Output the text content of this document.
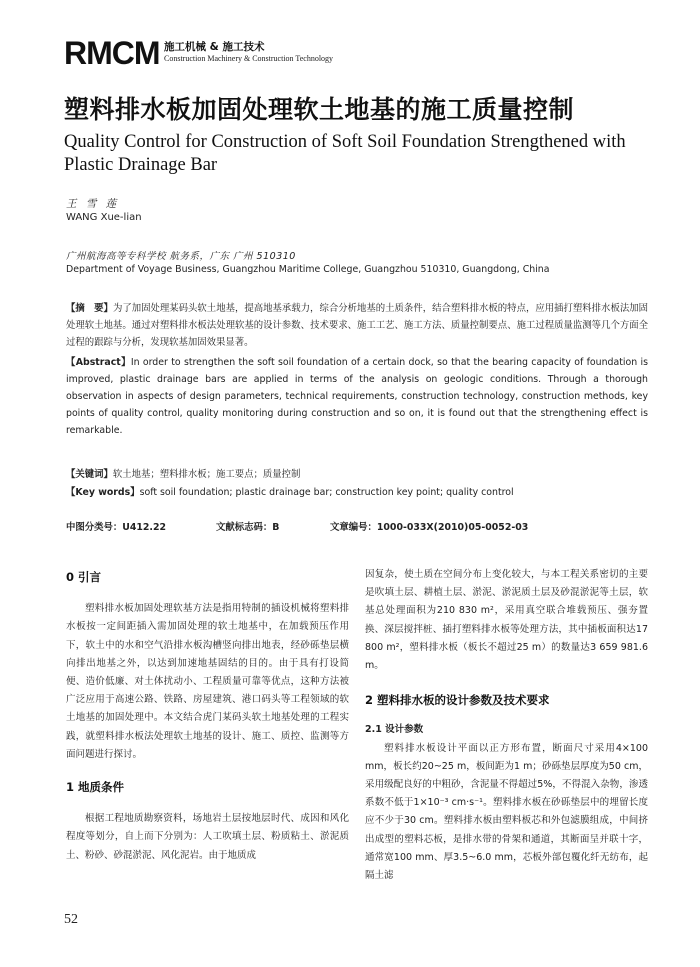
RMCM 施工机械 & 施工技术
Construction Machinery & Construction Technology
塑料排水板加固处理软土地基的施工质量控制
Quality Control for Construction of Soft Soil Foundation Strengthened with Plastic Drainage Bar
王 雪 莲
WANG Xue-lian
广州航海高等专科学校 航务系，广东 广州 510310
Department of Voyage Business, Guangzhou Maritime College, Guangzhou 510310, Guangdong, China
【摘　要】为了加固处理某码头软土地基，提高地基承载力，综合分析地基的土质条件，结合塑料排水板的特点，应用插打塑料排水板法加固处理软土地基。通过对塑料排水板法处理软基的设计参数、技术要求、施工工艺、施工方法、质量控制要点、施工过程质量监测等几个方面全过程的跟踪与分析，发现软基加固效果显著。
【Abstract】In order to strengthen the soft soil foundation of a certain dock, so that the bearing capacity of foundation is improved, plastic drainage bars are applied in terms of the analysis on geologic conditions. Through a thorough observation in aspects of design parameters, technical requirements, construction technology, construction methods, key points of quality control, quality monitoring during construction and so on, it is found out that the strengthening effect is remarkable.
【关键词】软土地基；塑料排水板；施工要点；质量控制
【Key words】soft soil foundation; plastic drainage bar; construction key point; quality control
中图分类号：U412.22	文献标志码：B	文章编号：1000-033X(2010)05-0052-03
0 引言

塑料排水板加固处理软基方法是指用特制的插设机械将塑料排水板按一定间距插入需加固处理的软土地基中，在加载预压作用下，软土中的水和空气沿排水板沟槽竖向排出地表，经砂砾垫层横向排出地基之外，以达到加速地基固结的目的。由于具有打设简便、造价低廉、对土体扰动小、工程质量可靠等优点，这种方法被广泛应用于高速公路、铁路、房屋建筑、港口码头等工程领域的软土地基的加固处理中。本文结合虎门某码头软土地基处理的工程实践，就塑料排水板法处理软土地基的设计、施工、质控、监测等方面问题进行探讨。

1 地质条件

根据工程地质勘察资料，场地岩土层按地层时代、成因和风化程度等划分，自上而下分别为：人工吹填土层、粉质粘土、淤泥质土、粉砂、砂混淤泥、风化泥岩。由于地质成

因复杂，使土质在空间分布上变化较大，与本工程关系密切的主要是吹填土层、耕植土层、淤泥、淤泥质土层及砂混淤泥等土层，软基总处理面积为210 830 m²，采用真空联合堆载预压、强夯置换、深层搅拌桩、插打塑料排水板等处理方法，其中插板面积达17 800 m²，塑料排水板（板长不超过25 m）的数量达3 659 981.6 m。

2 塑料排水板的设计参数及技术要求
2.1 设计参数

塑料排水板设计平面以正方形布置，断面尺寸采用4×100 mm，板长约20~25 m，板间距为1 m；砂砾垫层厚度为50 cm，采用级配良好的中粗砂，含泥量不得超过5%，不得混入杂物，渗透系数不低于1×10⁻³ cm·s⁻¹。塑料排水板在砂砾垫层中的埋留长度应不少于30 cm。塑料排水板由塑料板芯和外包滤膜组成，中间挤出成型的塑料芯板，是排水带的骨架和通道，其断面呈并联十字，通常宽100 mm、厚3.5~6.0 mm，芯板外部包覆化纤无纺布，起隔土滤

52
